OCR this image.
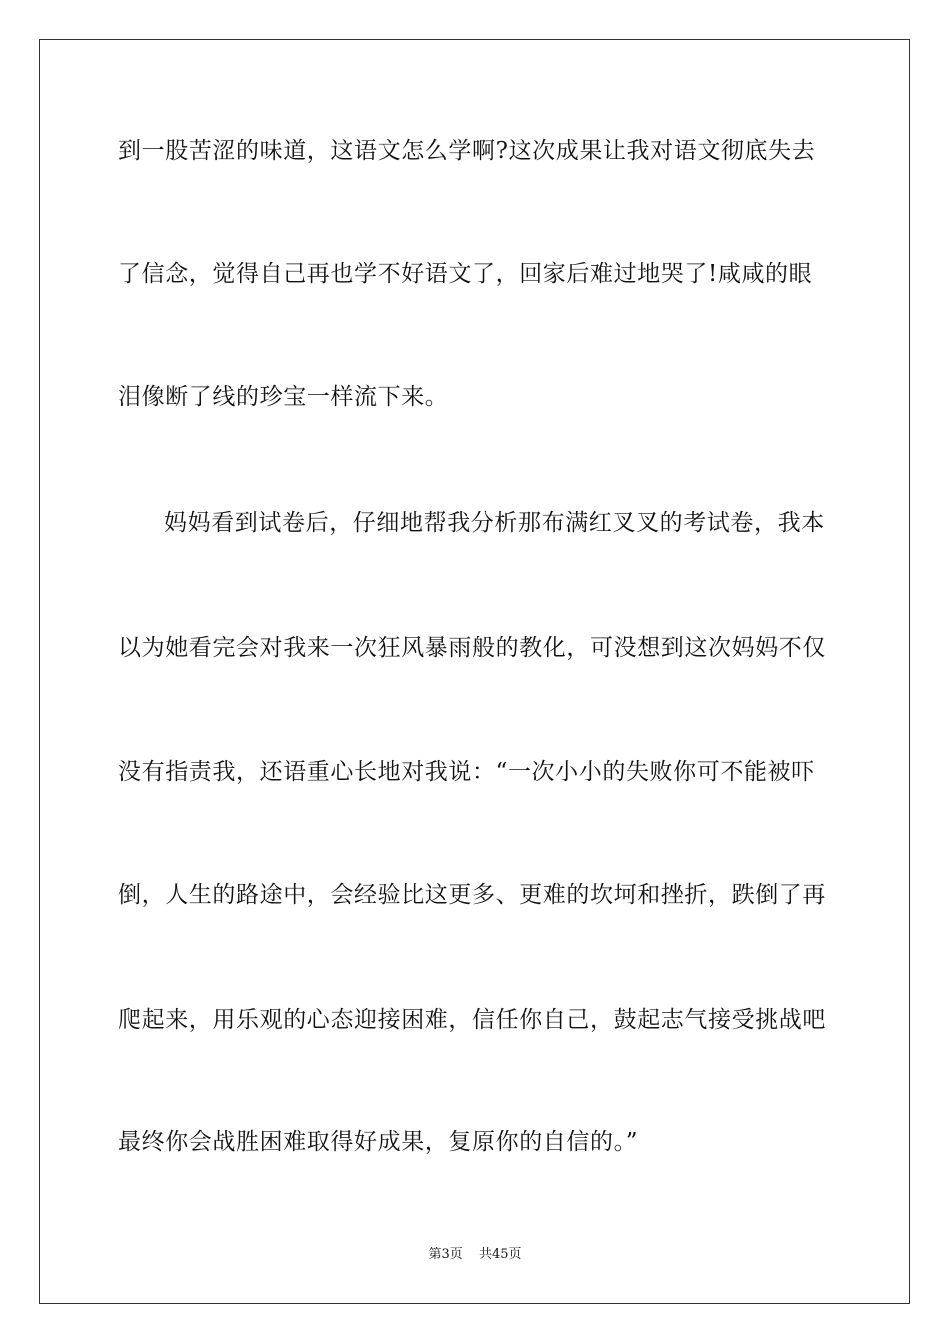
到一股苦涩的味道，这语文怎么学啊?这次成果让我对语文彻底失去
了信念，觉得自己再也学不好语文了，回家后难过地哭了!咸咸的眼
泪像断了线的珍宝一样流下来。
妈妈看到试卷后，仔细地帮我分析那布满红叉叉的考试卷，我本
以为她看完会对我来一次狂风暴雨般的教化，可没想到这次妈妈不仅
没有指责我，还语重心长地对我说：“一次小小的失败你可不能被吓
倒，人生的路途中，会经验比这更多、更难的坎坷和挫折，跌倒了再
爬起来，用乐观的心态迎接困难，信任你自己，鼓起志气接受挑战吧
最终你会战胜困难取得好成果，复原你的自信的。”
第3页 共45页
